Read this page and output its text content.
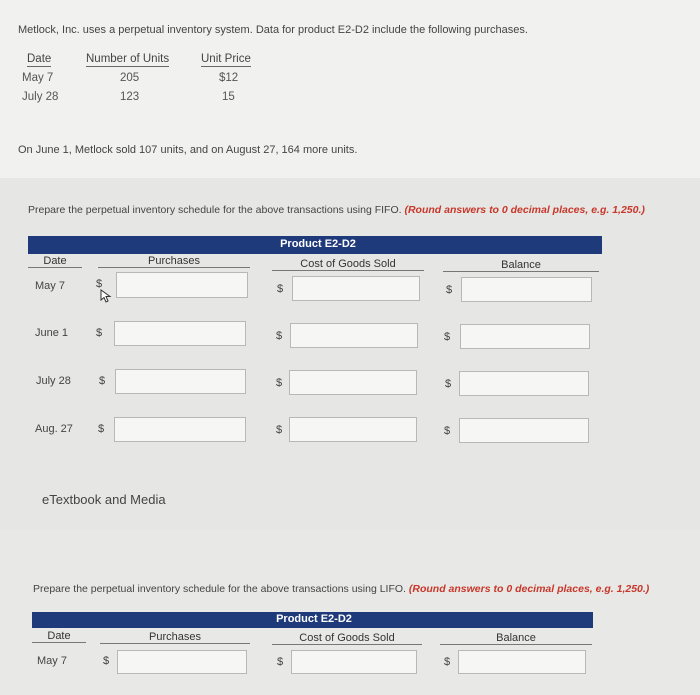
Metlock, Inc. uses a perpetual inventory system. Data for product E2-D2 include the following purchases.
Date	Number of Units	Unit Price
May 7	205	$12
July 28	123	15
On June 1, Metlock sold 107 units, and on August 27, 164 more units.
Prepare the perpetual inventory schedule for the above transactions using FIFO. (Round answers to 0 decimal places, e.g. 1,250.)
Product E2-D2
Date	Purchases	Cost of Goods Sold	Balance
May 7	$	$	$
June 1	$	$	$
July 28	$	$	$
Aug. 27 $	$	$
eTextbook and Media
Prepare the perpetual inventory schedule for the above transactions using LIFO. (Round answers to 0 decimal places, e.g. 1,250.)
Product E2-D2
Date	Purchases	Cost of Goods Sold	Balance
May 7	$	$	$
